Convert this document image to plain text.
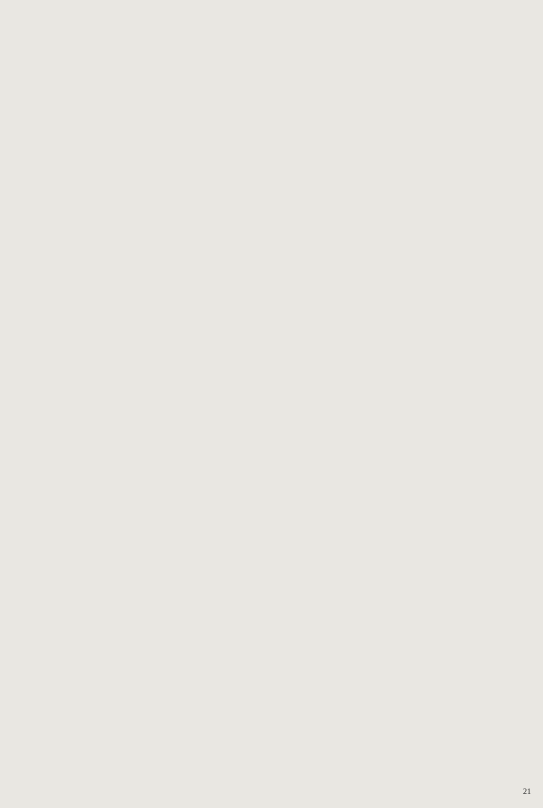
21
